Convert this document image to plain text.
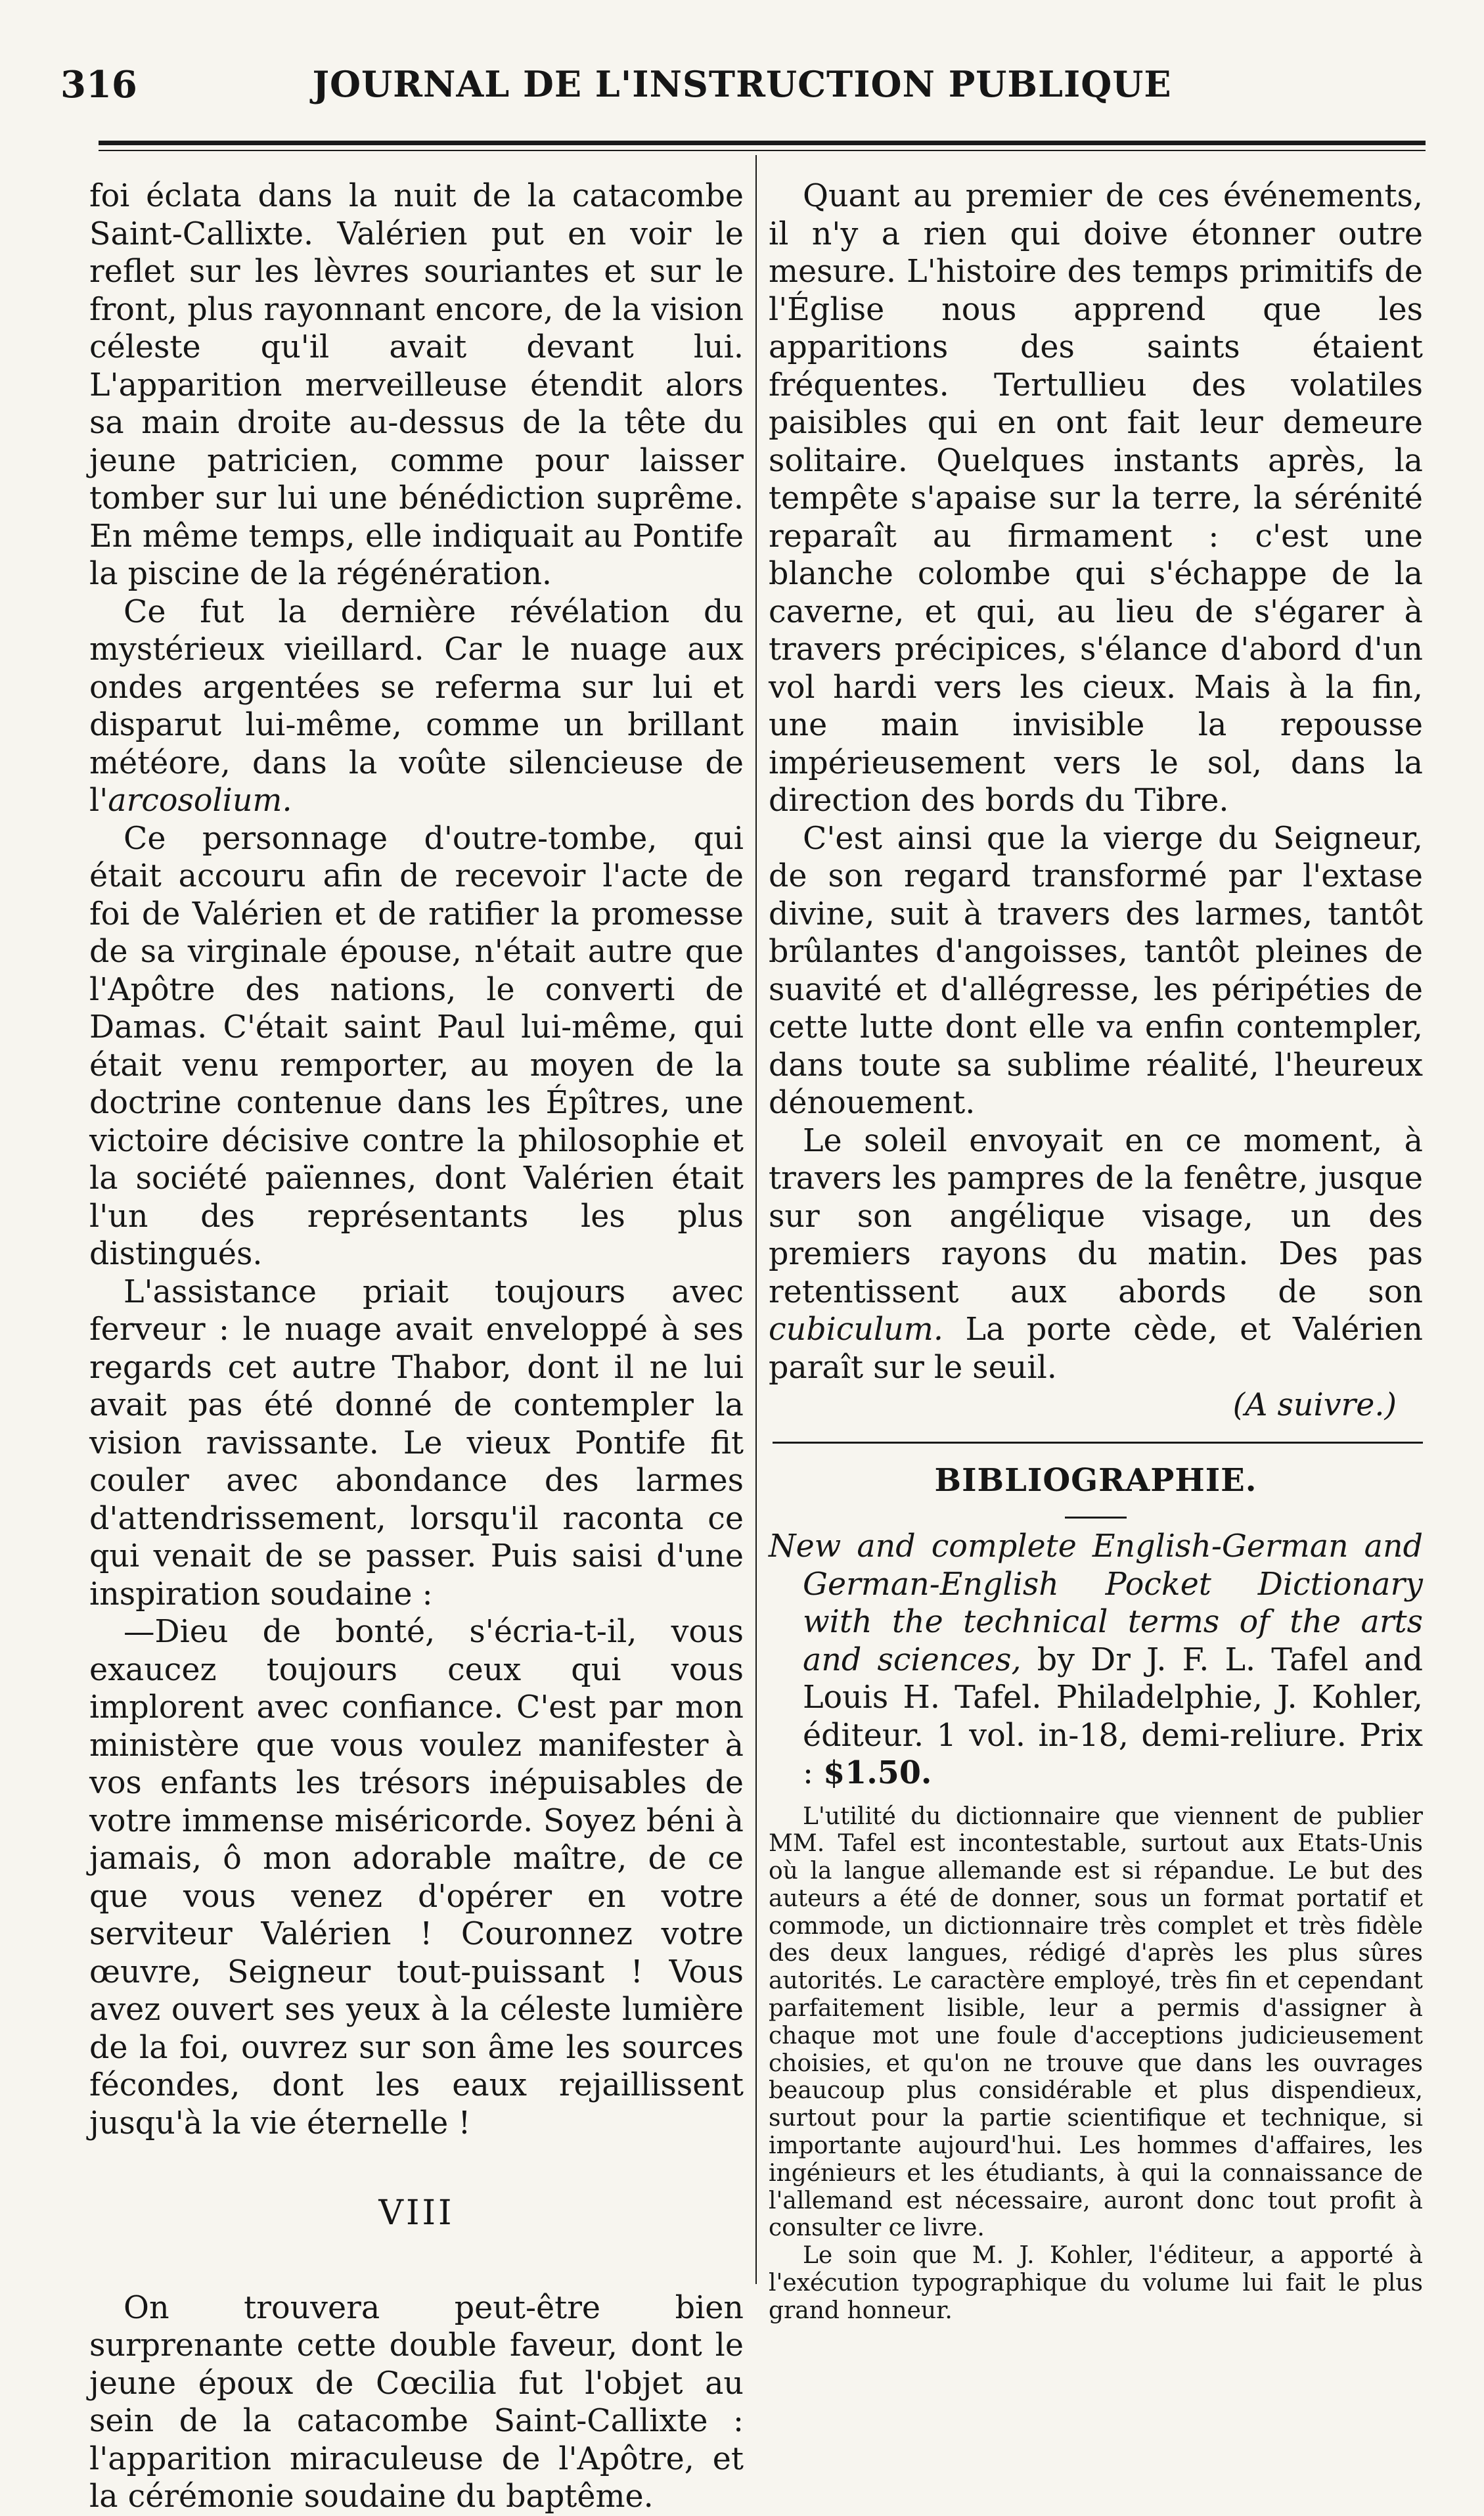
316	JOURNAL DE L'INSTRUCTION PUBLIQUE

foi éclata dans la nuit de la catacombe Saint-Callixte. Valérien put en voir le reflet sur les lèvres souriantes et sur le front, plus rayonnant encore, de la vision céleste qu'il avait devant lui. L'apparition merveilleuse étendit alors sa main droite au-dessus de la tête du jeune patricien, comme pour laisser tomber sur lui une bénédiction suprême. En même temps, elle indiquait au Pontife la piscine de la régénération.

Ce fut la dernière révélation du mystérieux vieillard. Car le nuage aux ondes argentées se referma sur lui et disparut lui-même, comme un brillant météore, dans la voûte silencieuse de l'arcosolium.

Ce personnage d'outre-tombe, qui était accouru afin de recevoir l'acte de foi de Valérien et de ratifier la promesse de sa virginale épouse, n'était autre que l'Apôtre des nations, le converti de Damas. C'était saint Paul lui-même, qui était venu remporter, au moyen de la doctrine contenue dans les Épîtres, une victoire décisive contre la philosophie et la société païennes, dont Valérien était l'un des représentants les plus distingués.

L'assistance priait toujours avec ferveur : le nuage avait enveloppé à ses regards cet autre Thabor, dont il ne lui avait pas été donné de contempler la vision ravissante. Le vieux Pontife fit couler avec abondance des larmes d'attendrissement, lorsqu'il raconta ce qui venait de se passer. Puis saisi d'une inspiration soudaine :

—Dieu de bonté, s'écria-t-il, vous exaucez toujours ceux qui vous implorent avec confiance. C'est par mon ministère que vous voulez manifester à vos enfants les trésors inépuisables de votre immense miséricorde. Soyez béni à jamais, ô mon adorable maître, de ce que vous venez d'opérer en votre serviteur Valérien ! Couronnez votre œuvre, Seigneur tout-puissant ! Vous avez ouvert ses yeux à la céleste lumière de la foi, ouvrez sur son âme les sources fécondes, dont les eaux rejaillissent jusqu'à la vie éternelle !

VIII

On trouvera peut-être bien surprenante cette double faveur, dont le jeune époux de Cœcilia fut l'objet au sein de la catacombe Saint-Callixte : l'apparition miraculeuse de l'Apôtre, et la cérémonie soudaine du baptême.

Quant au premier de ces événements, il n'y a rien qui doive étonner outre mesure. L'histoire des temps primitifs de l'Église nous apprend que les apparitions des saints étaient fréquentes. Tertullieu des volatiles paisibles qui en ont fait leur demeure solitaire. Quelques instants après, la tempête s'apaise sur la terre, la sérénité reparaît au firmament : c'est une blanche colombe qui s'échappe de la caverne, et qui, au lieu de s'égarer à travers précipices, s'élance d'abord d'un vol hardi vers les cieux. Mais à la fin, une main invisible la repousse impérieusement vers le sol, dans la direction des bords du Tibre.

C'est ainsi que la vierge du Seigneur, de son regard transformé par l'extase divine, suit à travers des larmes, tantôt brûlantes d'angoisses, tantôt pleines de suavité et d'allégresse, les péripéties de cette lutte dont elle va enfin contempler, dans toute sa sublime réalité, l'heureux dénouement.

Le soleil envoyait en ce moment, à travers les pampres de la fenêtre, jusque sur son angélique visage, un des premiers rayons du matin. Des pas retentissent aux abords de son cubiculum. La porte cède, et Valérien paraît sur le seuil.

(A suivre.)

BIBLIOGRAPHIE.

New and complete English-German and German-English Pocket Dictionary with the technical terms of the arts and sciences, by Dr J. F. L. Tafel and Louis H. Tafel. Philadelphie, J. Kohler, éditeur. 1 vol. in-18, demi-reliure. Prix : $1.50.

L'utilité du dictionnaire que viennent de publier MM. Tafel est incontestable, surtout aux Etats-Unis où la langue allemande est si répandue. Le but des auteurs a été de donner, sous un format portatif et commode, un dictionnaire très complet et très fidèle des deux langues, rédigé d'après les plus sûres autorités. Le caractère employé, très fin et cependant parfaitement lisible, leur a permis d'assigner à chaque mot une foule d'acceptions judicieusement choisies, et qu'on ne trouve que dans les ouvrages beaucoup plus considérable et plus dispendieux, surtout pour la partie scientifique et technique, si importante aujourd'hui. Les hommes d'affaires, les ingénieurs et les étudiants, à qui la connaissance de l'allemand est nécessaire, auront donc tout profit à consulter ce livre.

Le soin que M. J. Kohler, l'éditeur, a apporté à l'exécution typographique du volume lui fait le plus grand honneur.
